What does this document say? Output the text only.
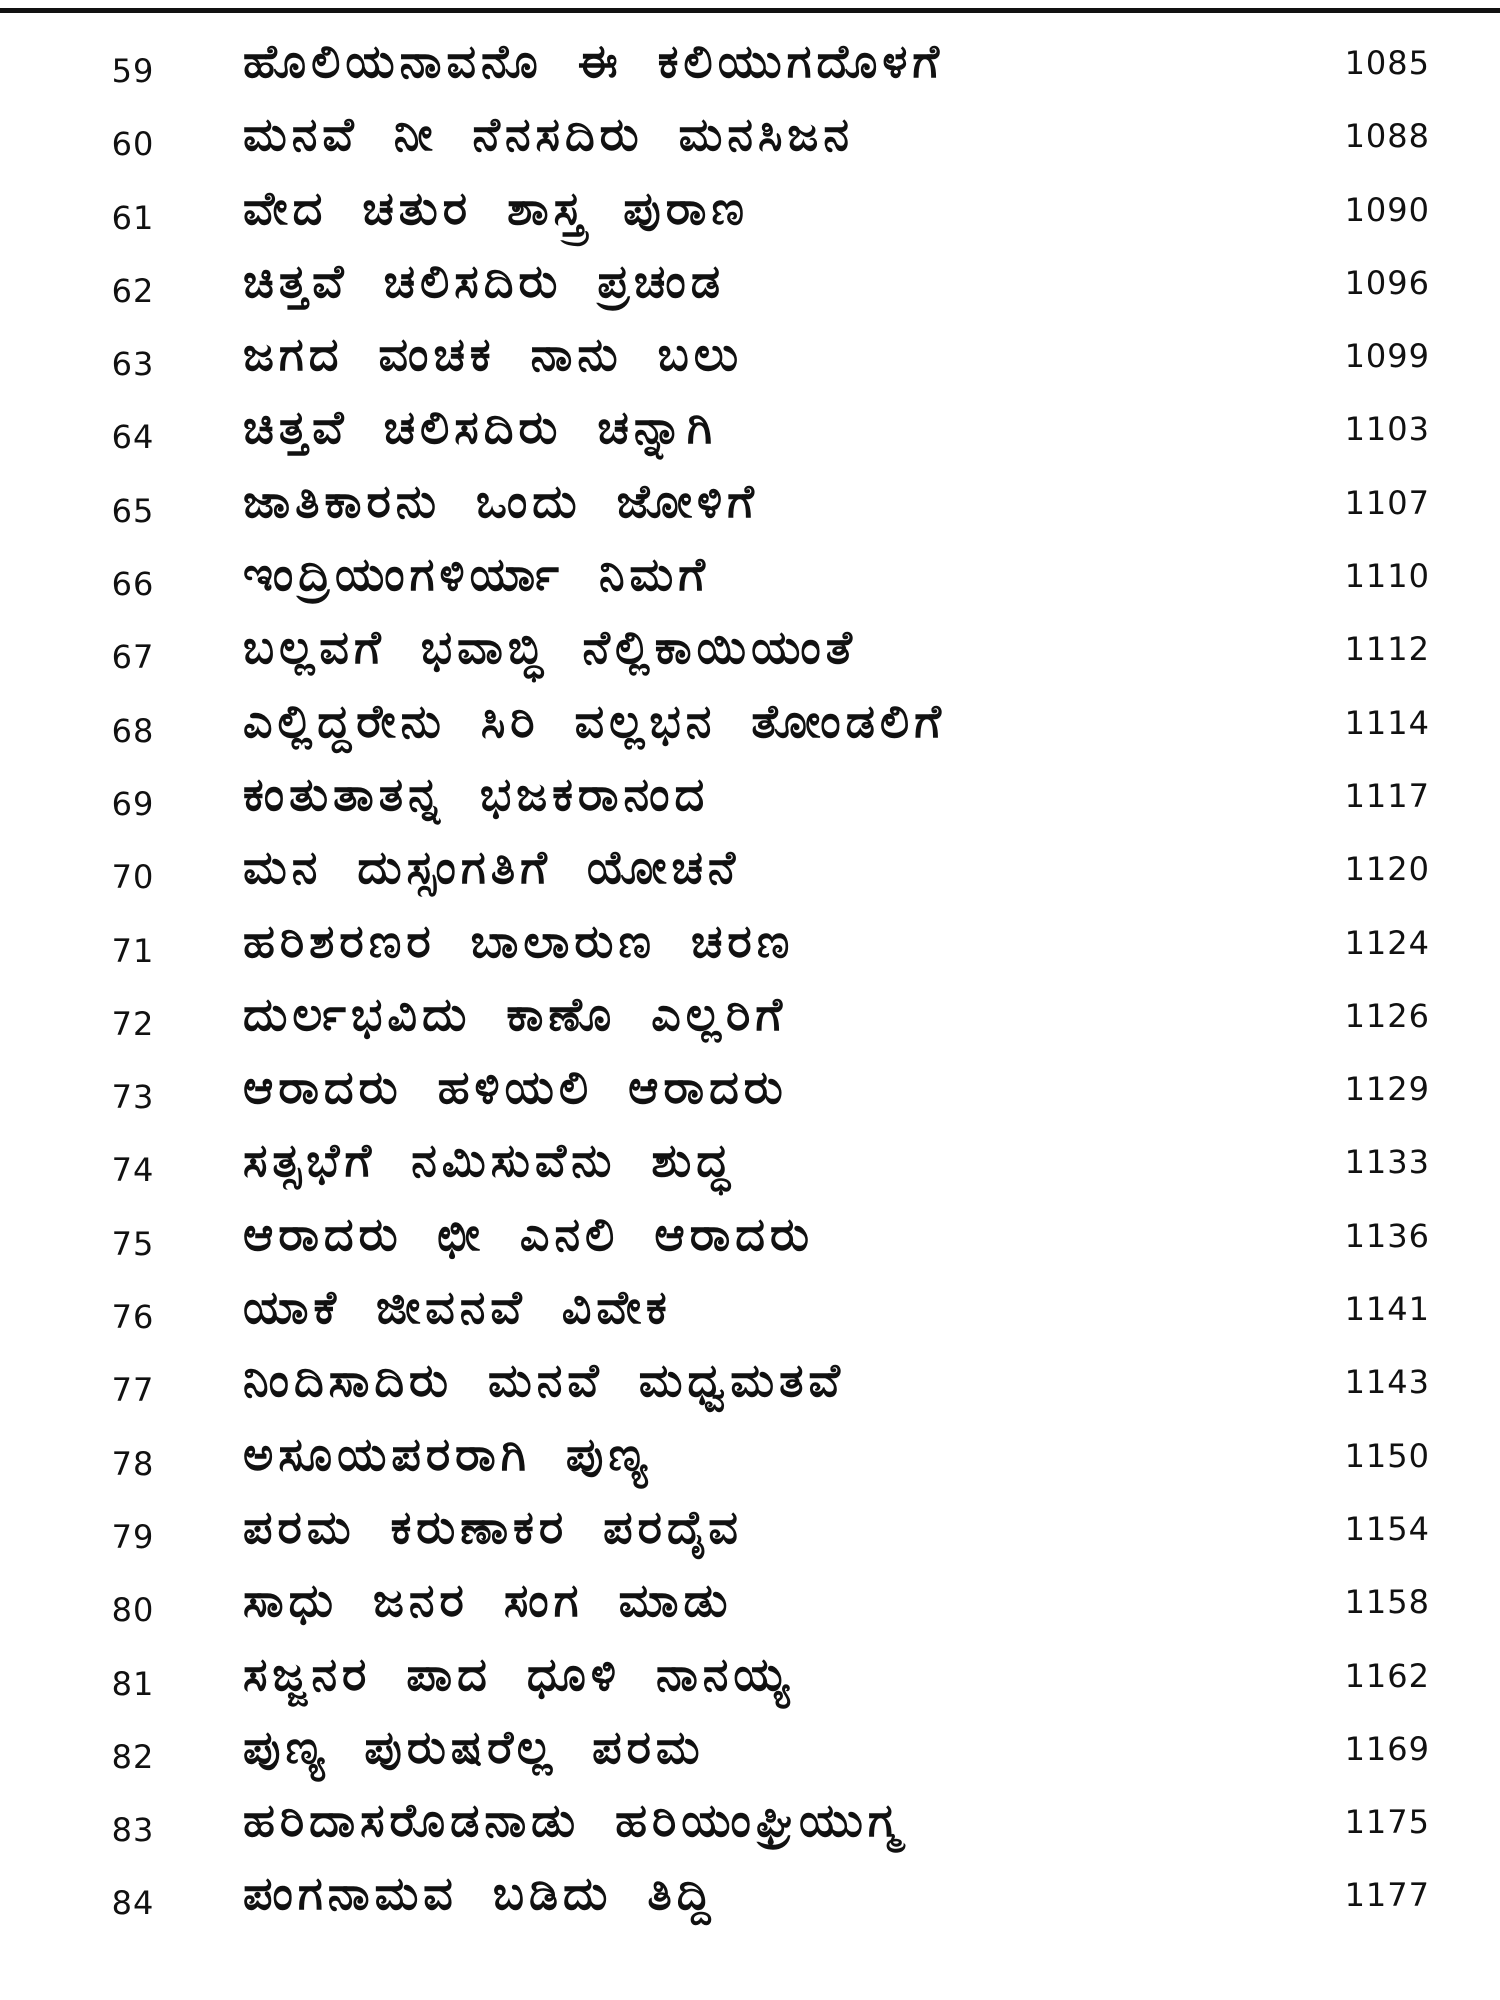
59	ಹೊಲಿಯನಾವನೊ ಈ ಕಲಿಯುಗದೊಳಗೆ	1085
60	ಮನವೆ ನೀ ನೆನಸದಿರು ಮನಸಿಜನ	1088
61	ವೇದ ಚತುರ ಶಾಸ್ತ್ರ ಪುರಾಣ	1090
62	ಚಿತ್ತವೆ ಚಲಿಸದಿರು ಪ್ರಚಂಡ	1096
63	ಜಗದ ವಂಚಕ ನಾನು ಬಲು	1099
64	ಚಿತ್ತವೆ ಚಲಿಸದಿರು ಚನ್ನಾಗಿ	1103
65	ಜಾತಿಕಾರನು ಒಂದು ಜೋಳಿಗೆ	1107
66	ಇಂದ್ರಿಯಂಗಳಿರ್ಯಾ ನಿಮಗೆ	1110
67	ಬಲ್ಲವಗೆ ಭವಾಬ್ಧಿ ನೆಲ್ಲಿಕಾಯಿಯಂತೆ	1112
68	ಎಲ್ಲಿದ್ದರೇನು ಸಿರಿ ವಲ್ಲಭನ ತೋಂಡಲಿಗೆ	1114
69	ಕಂತುತಾತನ್ನ ಭಜಕರಾನಂದ	1117
70	ಮನ ದುಸ್ಸಂಗತಿಗೆ ಯೋಚನೆ	1120
71	ಹರಿಶರಣರ ಬಾಲಾರುಣ ಚರಣ	1124
72	ದುರ್ಲಭವಿದು ಕಾಣೊ ಎಲ್ಲರಿಗೆ	1126
73	ಆರಾದರು ಹಳಿಯಲಿ ಆರಾದರು	1129
74	ಸತ್ಸಭೆಗೆ ನಮಿಸುವೆನು ಶುದ್ಧ	1133
75	ಆರಾದರು ಛೀ ಎನಲಿ ಆರಾದರು	1136
76	ಯಾಕೆ ಜೀವನವೆ ವಿವೇಕ	1141
77	ನಿಂದಿಸಾದಿರು ಮನವೆ ಮಧ್ವಮತವೆ	1143
78	ಅಸೂಯಪರರಾಗಿ ಪುಣ್ಯ	1150
79	ಪರಮ ಕರುಣಾಕರ ಪರದೈವ	1154
80	ಸಾಧು ಜನರ ಸಂಗ ಮಾಡು	1158
81	ಸಜ್ಜನರ ಪಾದ ಧೂಳಿ ನಾನಯ್ಯ	1162
82	ಪುಣ್ಯ ಪುರುಷರೆಲ್ಲ ಪರಮ	1169
83	ಹರಿದಾಸರೊಡನಾಡು ಹರಿಯಂಘ್ರಿಯುಗ್ಮ	1175
84	ಪಂಗನಾಮವ ಬಡಿದು ತಿದ್ದಿ	1177
